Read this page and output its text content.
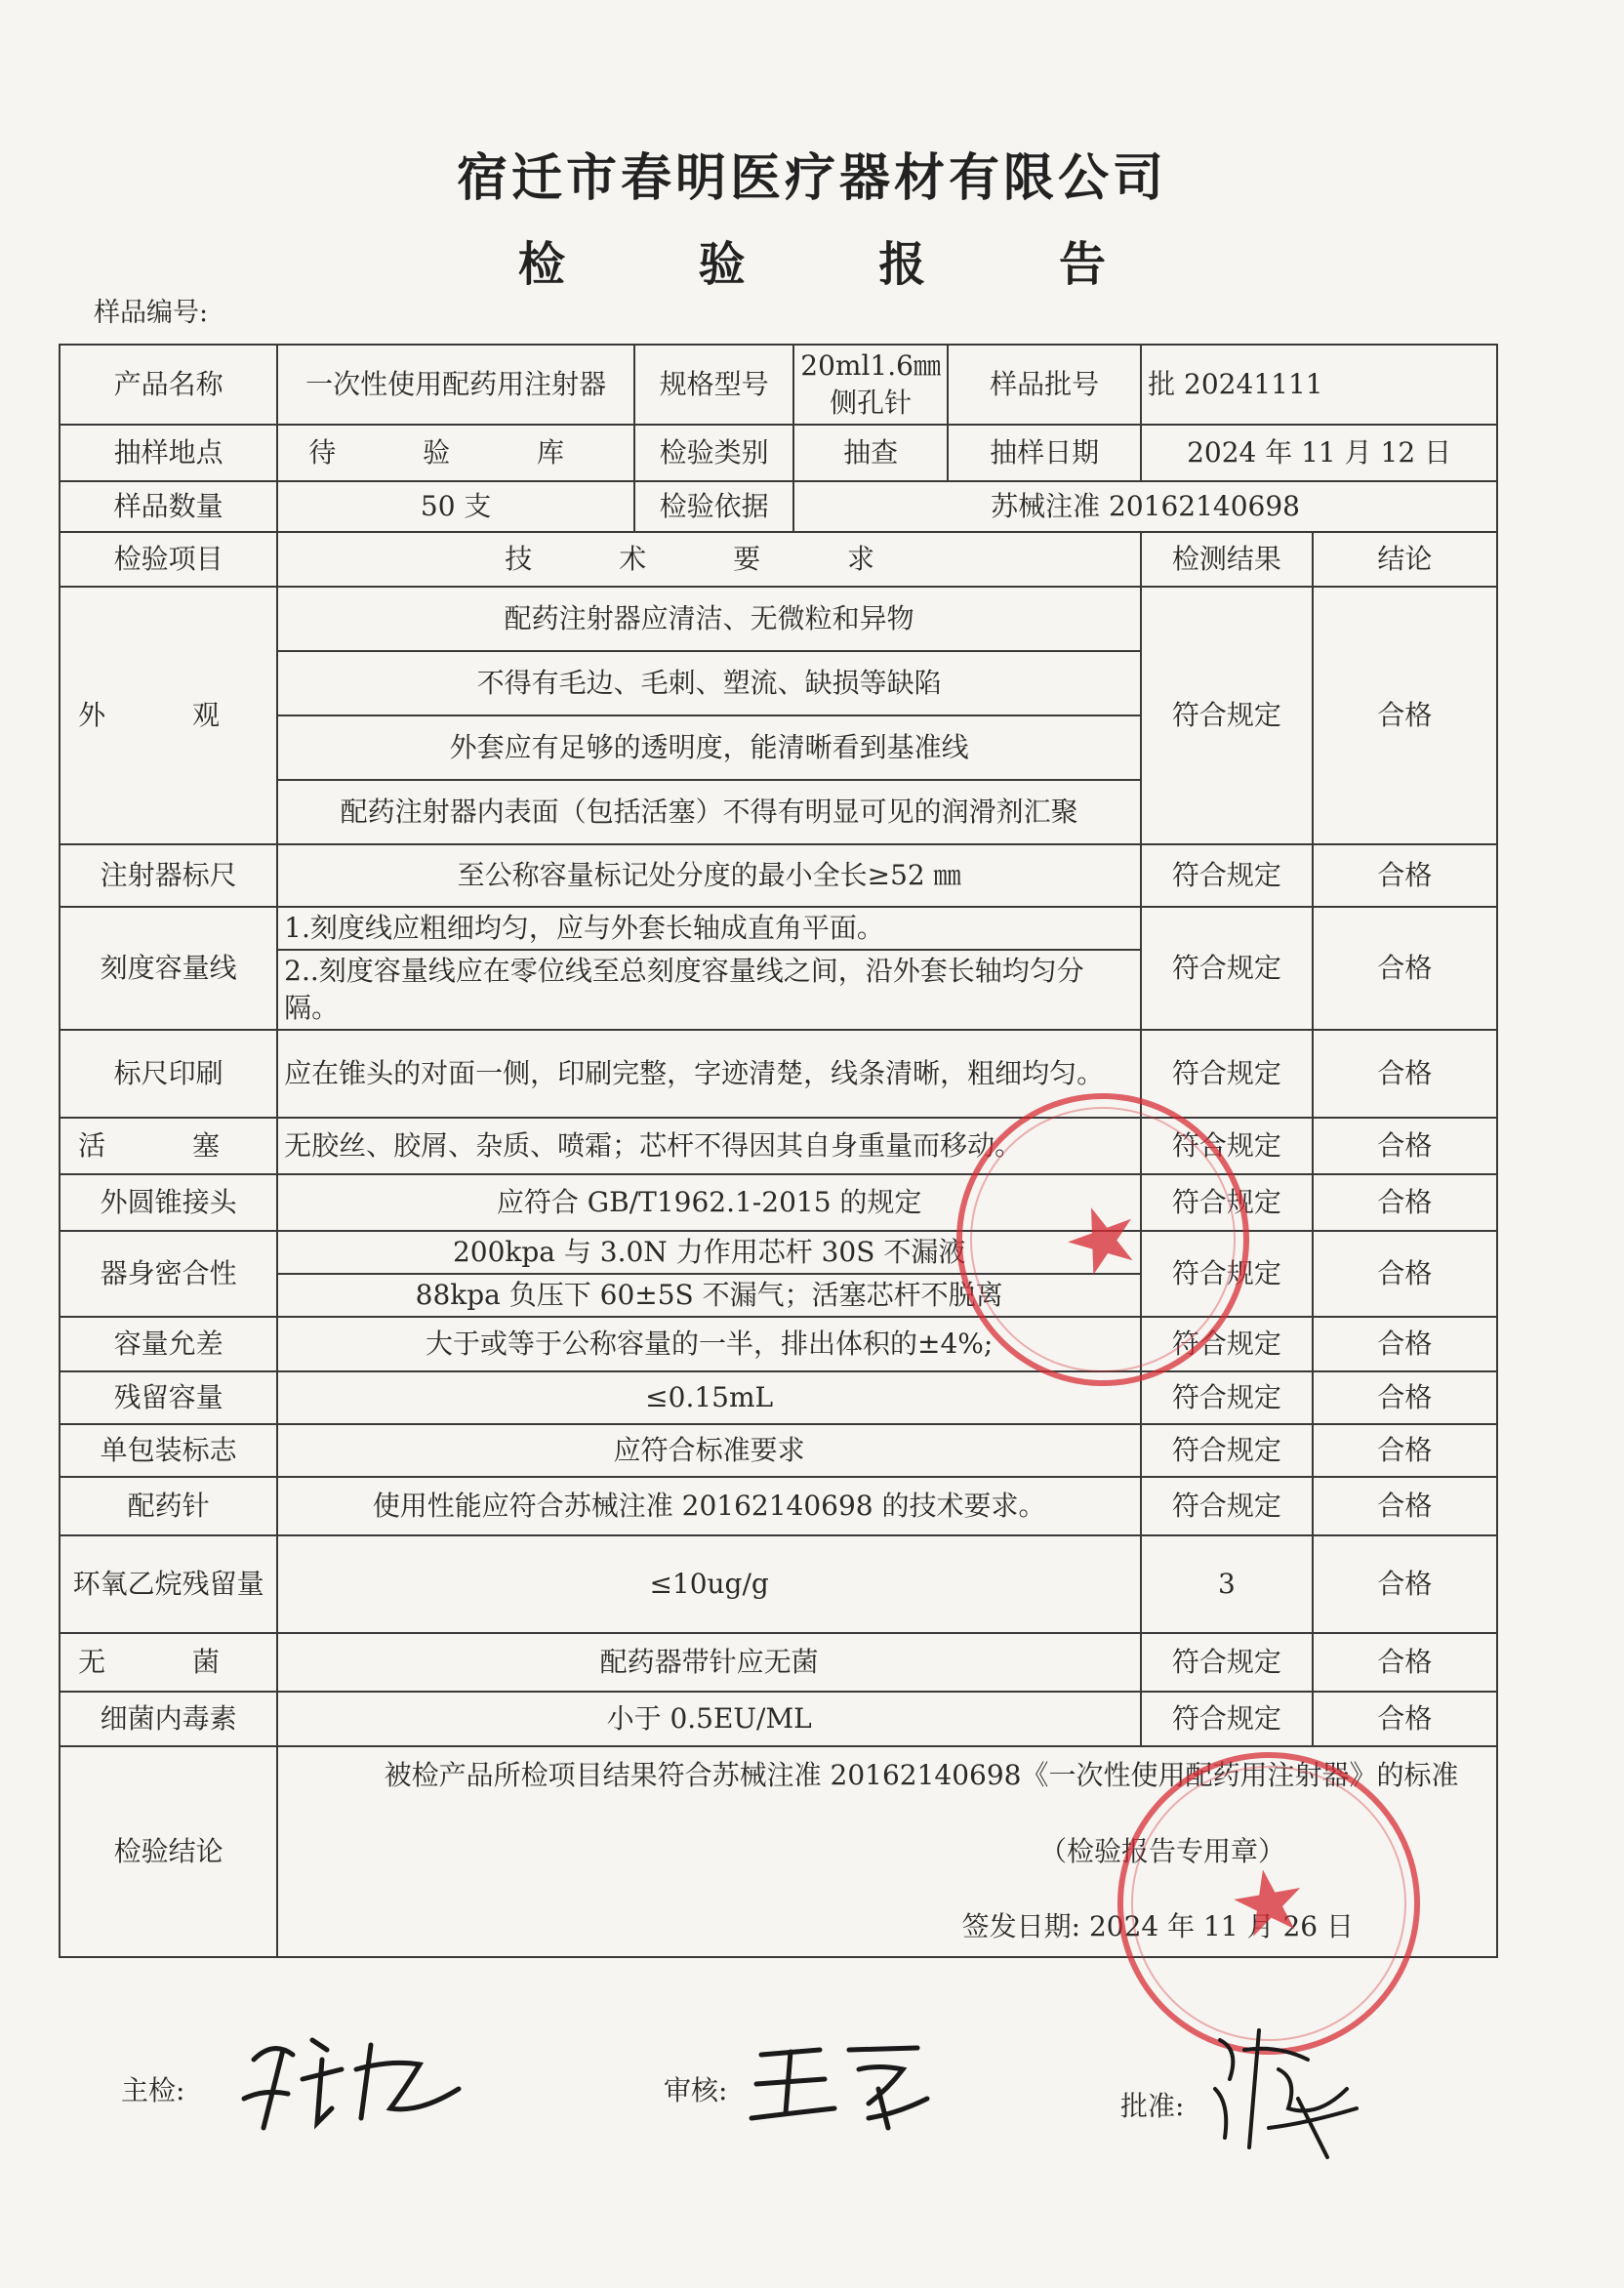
宿迁市春明医疗器材有限公司
检 验 报 告
样品编号:
产品名称	一次性使用配药用注射器	规格型号	20ml1.6㎜侧孔针	样品批号	批 20241111	
抽样地点	待 验 库	检验类别	抽查	抽样日期	2024 年 11 月 12 日	
样品数量	50 支	检验依据	苏械注准 20162140698			
检验项目	技 术 要 求				检测结果	结论
外 观	配药注射器应清洁、无微粒和异物				符合规定	合格
	不得有毛边、毛刺、塑流、缺损等缺陷					
	外套应有足够的透明度，能清晰看到基准线					
	配药注射器内表面（包括活塞）不得有明显可见的润滑剂汇聚					
注射器标尺	至公称容量标记处分度的最小全长≥52 ㎜				符合规定	合格
刻度容量线	1.刻度线应粗细均匀，应与外套长轴成直角平面。				符合规定	合格
	2..刻度容量线应在零位线至总刻度容量线之间，沿外套长轴均匀分隔。					
标尺印刷	应在锥头的对面一侧，印刷完整，字迹清楚，线条清晰，粗细均匀。				符合规定	合格
活 塞	无胶丝、胶屑、杂质、喷霜；芯杆不得因其自身重量而移动。				符合规定	合格
外圆锥接头	应符合 GB/T1962.1-2015 的规定				符合规定	合格
器身密合性	200kpa 与 3.0N 力作用芯杆 30S 不漏液				符合规定	合格
	88kpa 负压下 60±5S 不漏气；活塞芯杆不脱离					
容量允差	大于或等于公称容量的一半，排出体积的±4%;				符合规定	合格
残留容量	≤0.15mL				符合规定	合格
单包装标志	应符合标准要求				符合规定	合格
配药针	使用性能应符合苏械注准 20162140698 的技术要求。				符合规定	合格
环氧乙烷残留量	≤10ug/g				3	合格
无 菌	配药器带针应无菌				符合规定	合格
细菌内毒素	小于 0.5EU/ML				符合规定	合格
检验结论	被检产品所检项目结果符合苏械注准 20162140698《一次性使用配药用注射器》的标准
（检验报告专用章）
签发日期: 2024 年 11 月 26 日					
★
★
主检:	审核:	批准:
